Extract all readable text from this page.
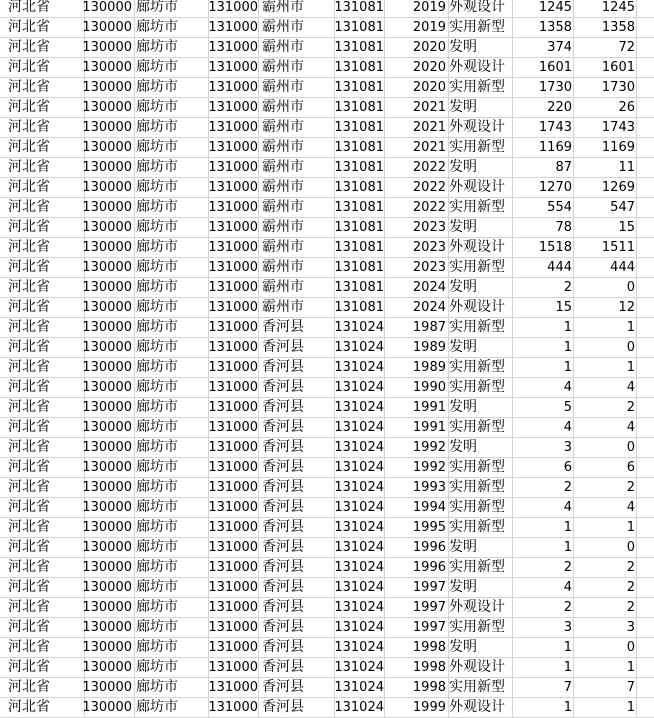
河北省	130000 廊坊市	131000 霸州市	131081	2019 外观设计	1245	1245
河北省	130000 廊坊市	131000 霸州市	131081	2019 实用新型	1358	1358
河北省	130000 廊坊市	131000 霸州市	131081	2020 发明	374	72
河北省	130000 廊坊市	131000 霸州市	131081	2020 外观设计	1601	1601
河北省	130000 廊坊市	131000 霸州市	131081	2020 实用新型	1730	1730
河北省	130000 廊坊市	131000 霸州市	131081	2021 发明	220	26
河北省	130000 廊坊市	131000 霸州市	131081	2021 外观设计	1743	1743
河北省	130000 廊坊市	131000 霸州市	131081	2021 实用新型	1169	1169
河北省	130000 廊坊市	131000 霸州市	131081	2022 发明	87	11
河北省	130000 廊坊市	131000 霸州市	131081	2022 外观设计	1270	1269
河北省	130000 廊坊市	131000 霸州市	131081	2022 实用新型	554	547
河北省	130000 廊坊市	131000 霸州市	131081	2023 发明	78	15
河北省	130000 廊坊市	131000 霸州市	131081	2023 外观设计	1518	1511
河北省	130000 廊坊市	131000 霸州市	131081	2023 实用新型	444	444
河北省	130000 廊坊市	131000 霸州市	131081	2024 发明	2	0
河北省	130000 廊坊市	131000 霸州市	131081	2024 外观设计	15	12
河北省	130000 廊坊市	131000 香河县	131024	1987 实用新型	1	1
河北省	130000 廊坊市	131000 香河县	131024	1989 发明	1	0
河北省	130000 廊坊市	131000 香河县	131024	1989 实用新型	1	1
河北省	130000 廊坊市	131000 香河县	131024	1990 实用新型	4	4
河北省	130000 廊坊市	131000 香河县	131024	1991 发明	5	2
河北省	130000 廊坊市	131000 香河县	131024	1991 实用新型	4	4
河北省	130000 廊坊市	131000 香河县	131024	1992 发明	3	0
河北省	130000 廊坊市	131000 香河县	131024	1992 实用新型	6	6
河北省	130000 廊坊市	131000 香河县	131024	1993 实用新型	2	2
河北省	130000 廊坊市	131000 香河县	131024	1994 实用新型	4	4
河北省	130000 廊坊市	131000 香河县	131024	1995 实用新型	1	1
河北省	130000 廊坊市	131000 香河县	131024	1996 发明	1	0
河北省	130000 廊坊市	131000 香河县	131024	1996 实用新型	2	2
河北省	130000 廊坊市	131000 香河县	131024	1997 发明	4	2
河北省	130000 廊坊市	131000 香河县	131024	1997 外观设计	2	2
河北省	130000 廊坊市	131000 香河县	131024	1997 实用新型	3	3
河北省	130000 廊坊市	131000 香河县	131024	1998 发明	1	0
河北省	130000 廊坊市	131000 香河县	131024	1998 外观设计	1	1
河北省	130000 廊坊市	131000 香河县	131024	1998 实用新型	7	7
河北省	130000 廊坊市	131000 香河县	131024	1999 外观设计	1	1
